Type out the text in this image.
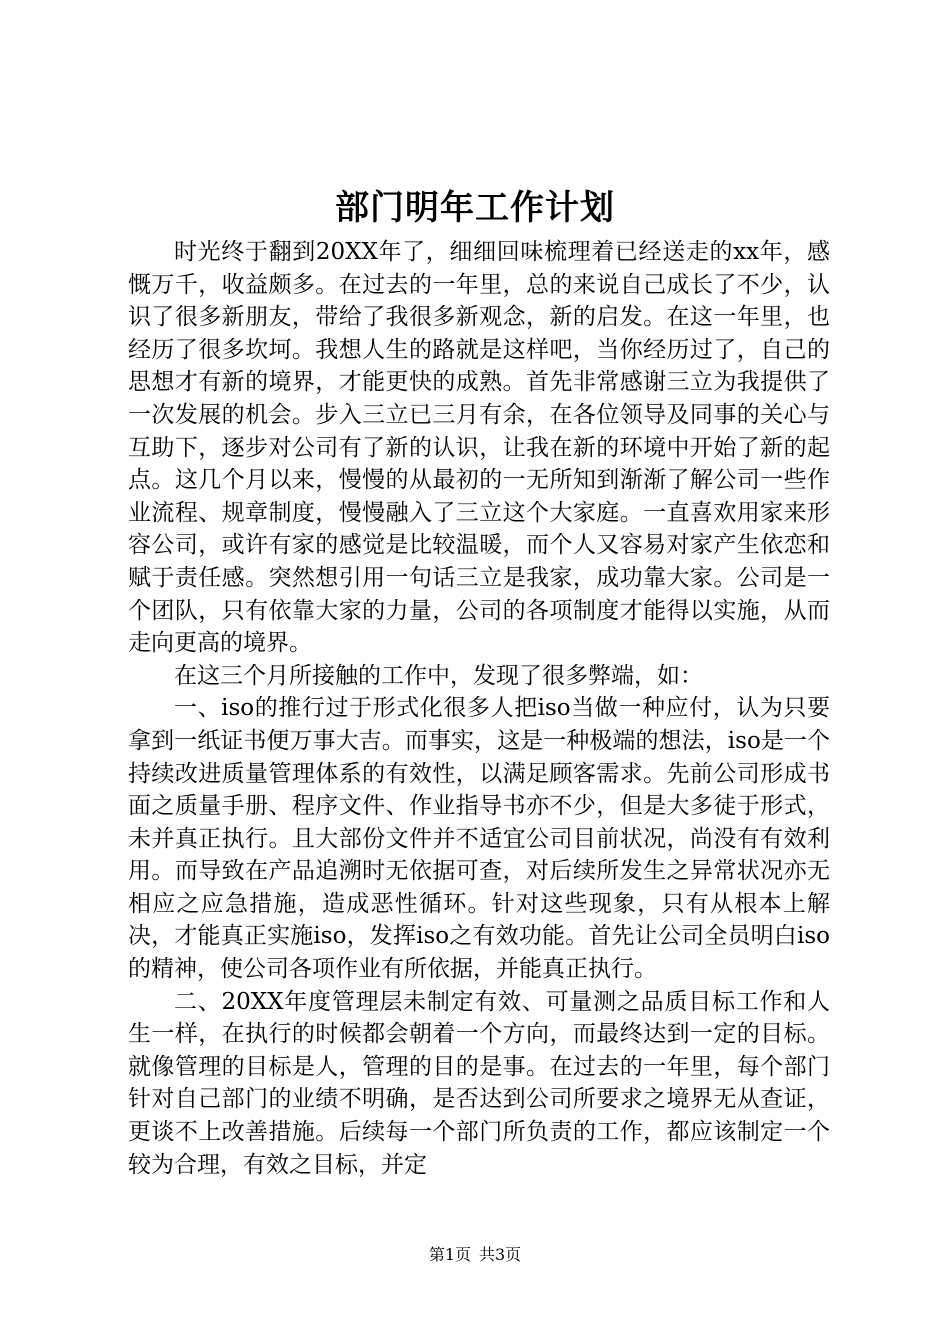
部门明年工作计划

时光终于翻到20XX年了，细细回味梳理着已经送走的xx年，感慨万千，收益颇多。在过去的一年里，总的来说自己成长了不少，认识了很多新朋友，带给了我很多新观念，新的启发。在这一年里，也经历了很多坎坷。我想人生的路就是这样吧，当你经历过了，自己的思想才有新的境界，才能更快的成熟。首先非常感谢三立为我提供了一次发展的机会。步入三立已三月有余，在各位领导及同事的关心与互助下，逐步对公司有了新的认识，让我在新的环境中开始了新的起点。这几个月以来，慢慢的从最初的一无所知到渐渐了解公司一些作业流程、规章制度，慢慢融入了三立这个大家庭。一直喜欢用家来形容公司，或许有家的感觉是比较温暖，而个人又容易对家产生依恋和赋于责任感。突然想引用一句话三立是我家，成功靠大家。公司是一个团队，只有依靠大家的力量，公司的各项制度才能得以实施，从而走向更高的境界。

在这三个月所接触的工作中，发现了很多弊端，如：

一、iso的推行过于形式化很多人把iso当做一种应付，认为只要拿到一纸证书便万事大吉。而事实，这是一种极端的想法，iso是一个持续改进质量管理体系的有效性，以满足顾客需求。先前公司形成书面之质量手册、程序文件、作业指导书亦不少，但是大多徒于形式，未并真正执行。且大部份文件并不适宜公司目前状况，尚没有有效利用。而导致在产品追溯时无依据可查，对后续所发生之异常状况亦无相应之应急措施，造成恶性循环。针对这些现象，只有从根本上解决，才能真正实施iso，发挥iso之有效功能。首先让公司全员明白iso的精神，使公司各项作业有所依据，并能真正执行。

二、20XX年度管理层未制定有效、可量测之品质目标工作和人生一样，在执行的时候都会朝着一个方向，而最终达到一定的目标。就像管理的目标是人，管理的目的是事。在过去的一年里，每个部门针对自己部门的业绩不明确，是否达到公司所要求之境界无从查证，更谈不上改善措施。后续每一个部门所负责的工作，都应该制定一个较为合理，有效之目标，并定

第1页 共3页
